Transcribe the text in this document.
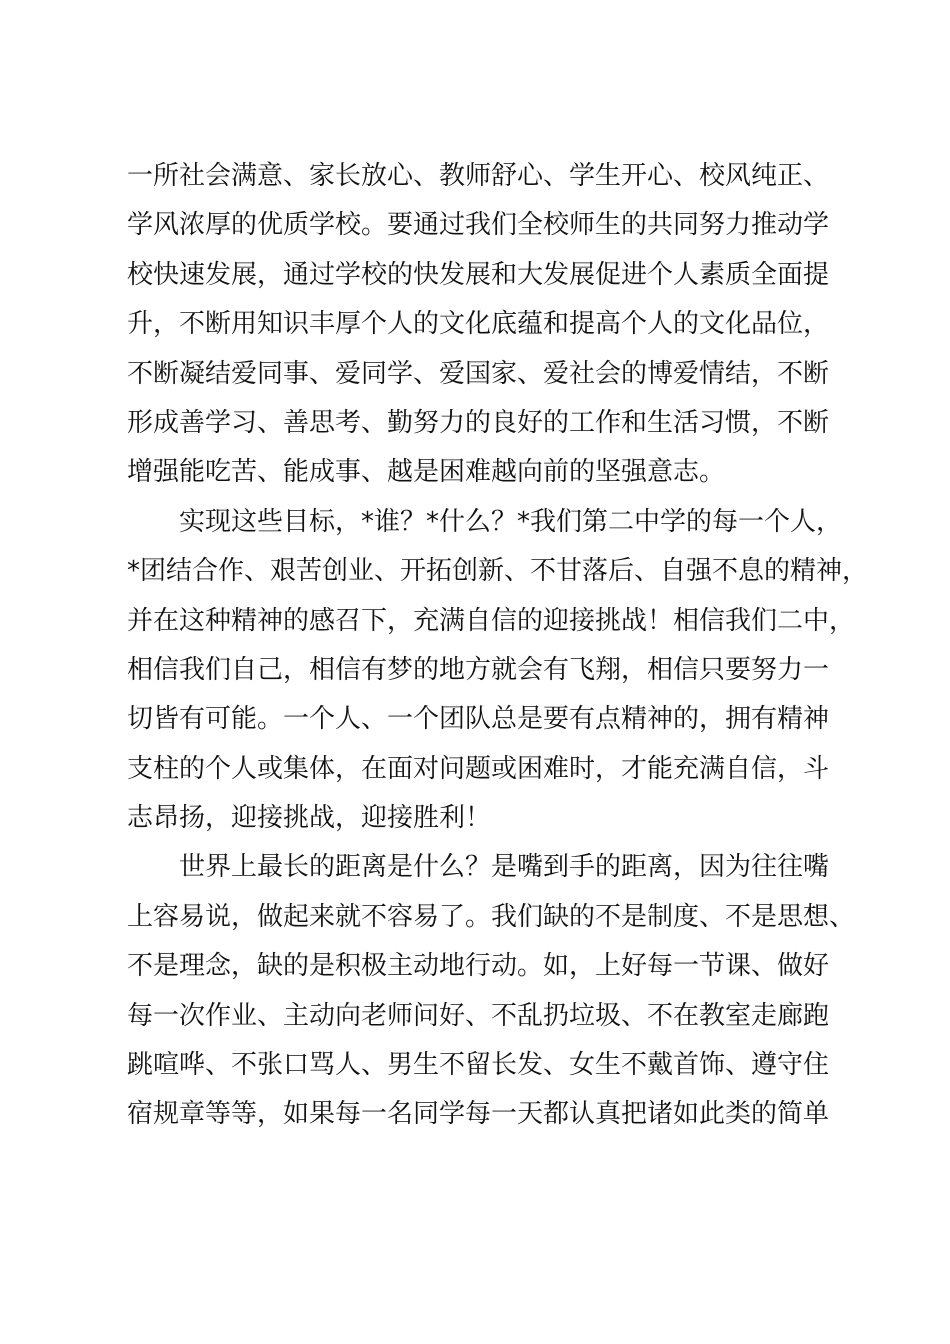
一所社会满意、家长放心、教师舒心、学生开心、校风纯正、
学风浓厚的优质学校。要通过我们全校师生的共同努力推动学
校快速发展，通过学校的快发展和大发展促进个人素质全面提
升，不断用知识丰厚个人的文化底蕴和提高个人的文化品位，
不断凝结爱同事、爱同学、爱国家、爱社会的博爱情结，不断
形成善学习、善思考、勤努力的良好的工作和生活习惯，不断
增强能吃苦、能成事、越是困难越向前的坚强意志。
实现这些目标，*谁？*什么？*我们第二中学的每一个人，
*团结合作、艰苦创业、开拓创新、不甘落后、自强不息的精神，
并在这种精神的感召下，充满自信的迎接挑战！相信我们二中，
相信我们自己，相信有梦的地方就会有飞翔，相信只要努力一
切皆有可能。一个人、一个团队总是要有点精神的，拥有精神
支柱的个人或集体，在面对问题或困难时，才能充满自信，斗
志昂扬，迎接挑战，迎接胜利！
世界上最长的距离是什么？是嘴到手的距离，因为往往嘴
上容易说，做起来就不容易了。我们缺的不是制度、不是思想、
不是理念，缺的是积极主动地行动。如，上好每一节课、做好
每一次作业、主动向老师问好、不乱扔垃圾、不在教室走廊跑
跳喧哗、不张口骂人、男生不留长发、女生不戴首饰、遵守住
宿规章等等，如果每一名同学每一天都认真把诸如此类的简单
